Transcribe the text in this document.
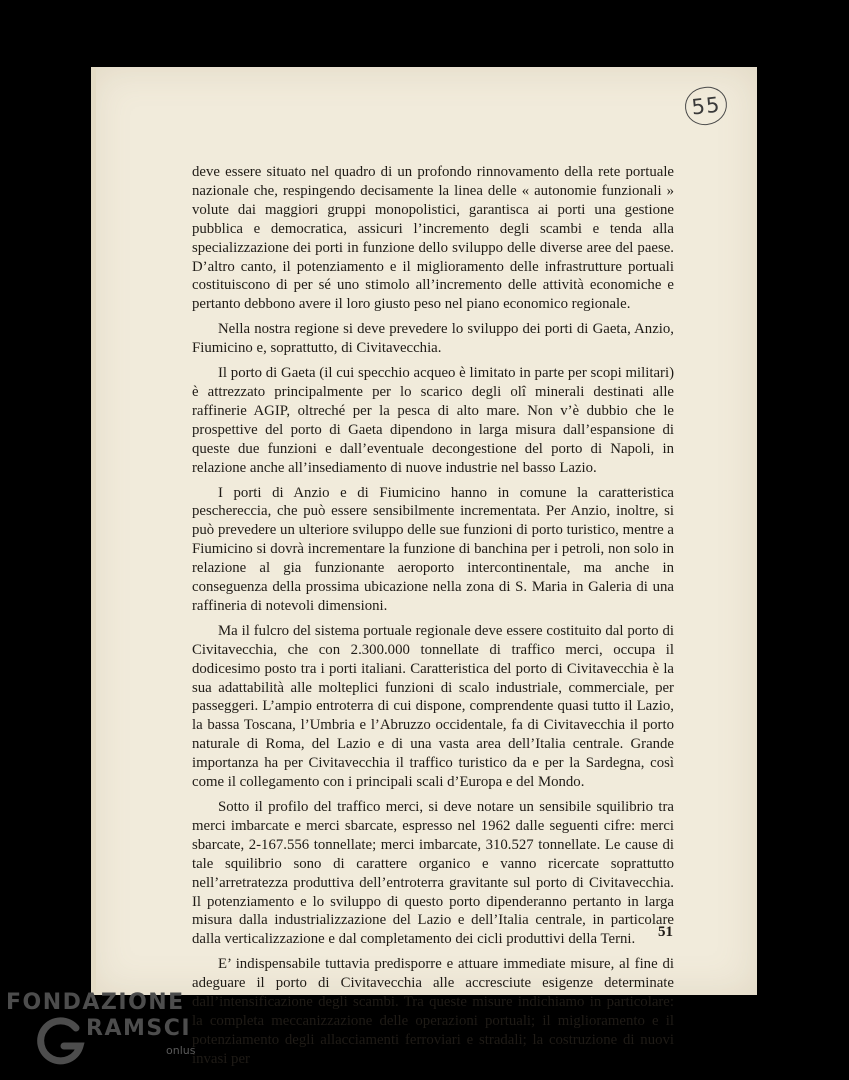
55

deve essere situato nel quadro di un profondo rinnovamento della rete portuale nazionale che, respingendo decisamente la linea delle « autonomie funzionali » volute dai maggiori gruppi monopolistici, garantisca ai porti una gestione pubblica e democratica, assicuri l’incremento degli scambi e tenda alla specializzazione dei porti in funzione dello sviluppo delle diverse aree del paese. D’altro canto, il potenziamento e il miglioramento delle infrastrutture portuali costituiscono di per sé uno stimolo all’incremento delle attività economiche e pertanto debbono avere il loro giusto peso nel piano economico regionale.

Nella nostra regione si deve prevedere lo sviluppo dei porti di Gaeta, Anzio, Fiumicino e, soprattutto, di Civitavecchia.

Il porto di Gaeta (il cui specchio acqueo è limitato in parte per scopi militari) è attrezzato principalmente per lo scarico degli olî minerali destinati alle raffinerie AGIP, oltreché per la pesca di alto mare. Non v’è dubbio che le prospettive del porto di Gaeta dipendono in larga misura dall’espansione di queste due funzioni e dall’eventuale decongestione del porto di Napoli, in relazione anche all’insediamento di nuove industrie nel basso Lazio.

I porti di Anzio e di Fiumicino hanno in comune la caratteristica peschereccia, che può essere sensibilmente incrementata. Per Anzio, inoltre, si può prevedere un ulteriore sviluppo delle sue funzioni di porto turistico, mentre a Fiumicino si dovrà incrementare la funzione di banchina per i petroli, non solo in relazione al gia funzionante aeroporto intercontinentale, ma anche in conseguenza della prossima ubicazione nella zona di S. Maria in Galeria di una raffineria di notevoli dimensioni.

Ma il fulcro del sistema portuale regionale deve essere costituito dal porto di Civitavecchia, che con 2.300.000 tonnellate di traffico merci, occupa il dodicesimo posto tra i porti italiani. Caratteristica del porto di Civitavecchia è la sua adattabilità alle molteplici funzioni di scalo industriale, commerciale, per passeggeri. L’ampio entroterra di cui dispone, comprendente quasi tutto il Lazio, la bassa Toscana, l’Umbria e l’Abruzzo occidentale, fa di Civitavecchia il porto naturale di Roma, del Lazio e di una vasta area dell’Italia centrale. Grande importanza ha per Civitavecchia il traffico turistico da e per la Sardegna, così come il collegamento con i principali scali d’Europa e del Mondo.

Sotto il profilo del traffico merci, si deve notare un sensibile squilibrio tra merci imbarcate e merci sbarcate, espresso nel 1962 dalle seguenti cifre: merci sbarcate, 2-167.556 tonnellate; merci imbarcate, 310.527 tonnellate. Le cause di tale squilibrio sono di carattere organico e vanno ricercate soprattutto nell’arretratezza produttiva dell’entroterra gravitante sul porto di Civitavecchia. Il potenziamento e lo sviluppo di questo porto dipenderanno pertanto in larga misura dalla industrializzazione del Lazio e dell’Italia centrale, in particolare dalla verticalizzazione e dal completamento dei cicli produttivi della Terni.

E’ indispensabile tuttavia predisporre e attuare immediate misure, al fine di adeguare il porto di Civitavecchia alle accresciute esigenze determinate dall’intensificazione degli scambi. Tra queste misure indichiamo in particolare: la completa meccanizzazione delle operazioni portuali; il miglioramento e il potenziamento degli allacciamenti ferroviari e stradali; la costruzione di nuovi invasi per

51
FONDAZIONE
RAMSCI
onlus
